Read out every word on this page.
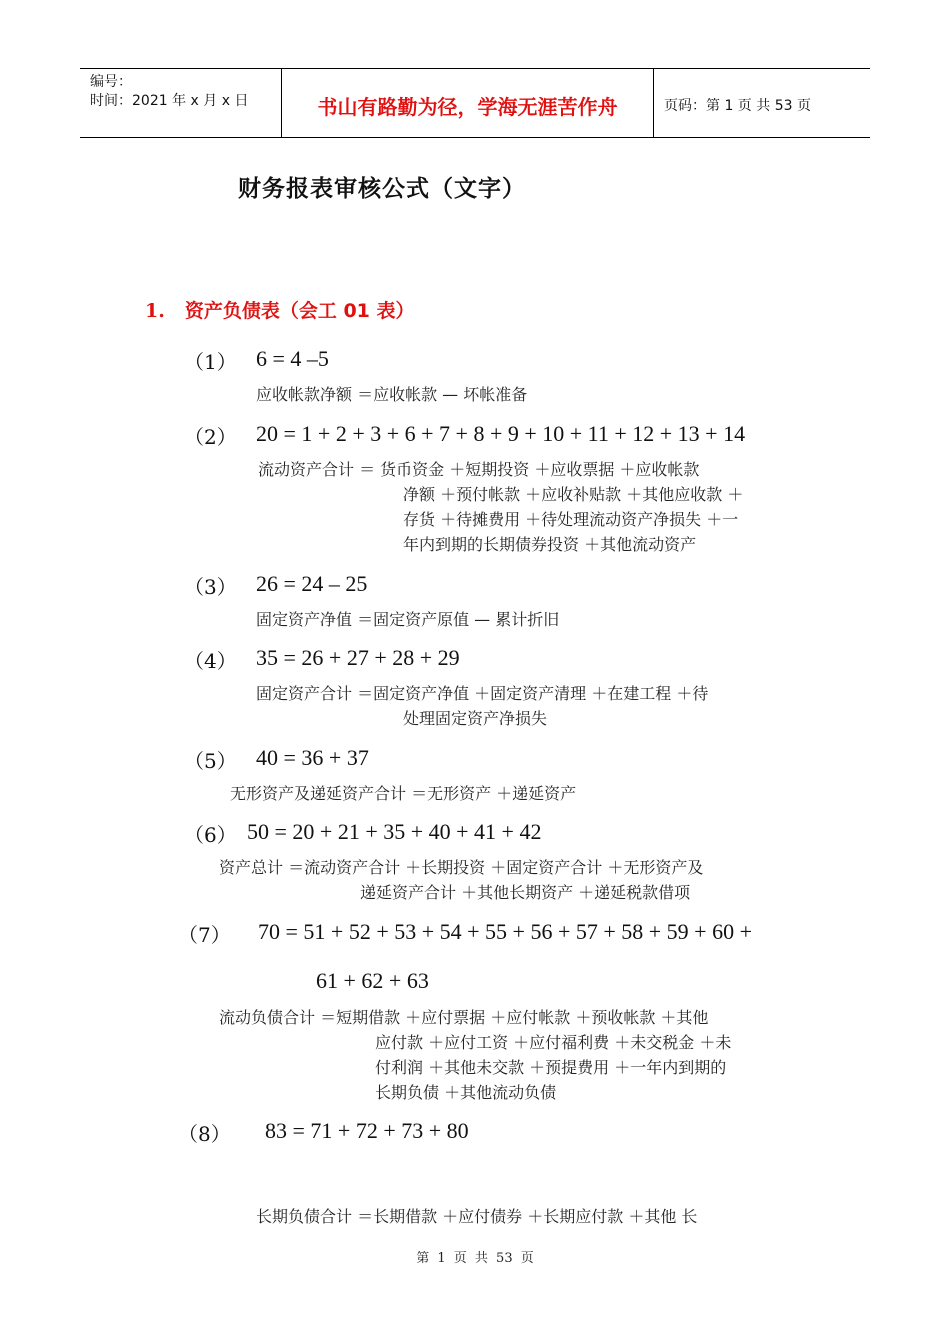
编号：
时间：2021 年 x 月 x 日	书山有路勤为径，学海无涯苦作舟	页码：第 1 页 共 53 页
财务报表审核公式（文字）
1. 资产负债表（会工 01 表）
（1） 6 = 4 –5
应收帐款净额 ＝应收帐款 — 坏帐准备
（2） 20 = 1 + 2 + 3 + 6 + 7 + 8 + 9 + 10 + 11 + 12 + 13 + 14
流动资产合计 ＝ 货币资金 ＋短期投资 ＋应收票据 ＋应收帐款
净额 ＋预付帐款 ＋应收补贴款 ＋其他应收款 ＋
存货 ＋待摊费用 ＋待处理流动资产净损失 ＋一
年内到期的长期债券投资 ＋其他流动资产
（3） 26 = 24 – 25
固定资产净值 ＝固定资产原值 — 累计折旧
（4） 35 = 26 + 27 + 28 + 29
固定资产合计 ＝固定资产净值 ＋固定资产清理 ＋在建工程 ＋待
处理固定资产净损失
（5） 40 = 36 + 37
无形资产及递延资产合计 ＝无形资产 ＋递延资产
（6） 50 = 20 + 21 + 35 + 40 + 41 + 42
资产总计 ＝流动资产合计 ＋长期投资 ＋固定资产合计 ＋无形资产及
递延资产合计 ＋其他长期资产 ＋递延税款借项
（7） 70 = 51 + 52 + 53 + 54 + 55 + 56 + 57 + 58 + 59 + 60 +
61 + 62 + 63
流动负债合计 ＝短期借款 ＋应付票据 ＋应付帐款 ＋预收帐款 ＋其他
应付款 ＋应付工资 ＋应付福利费 ＋未交税金 ＋未
付利润 ＋其他未交款 ＋预提费用 ＋一年内到期的
长期负债 ＋其他流动负债
（8） 83 = 71 + 72 + 73 + 80
长期负债合计 ＝长期借款 ＋应付债券 ＋长期应付款 ＋其他 长
第 1 页 共 53 页
